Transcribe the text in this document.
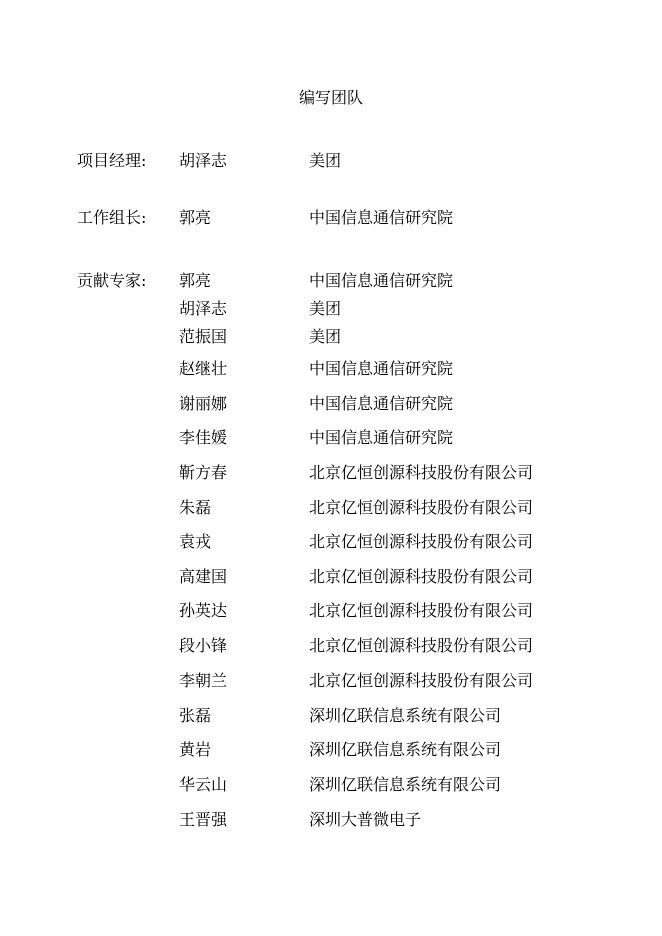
编写团队
项目经理: 胡泽志	美团
工作组长: 郭亮	中国信息通信研究院
贡献专家: 郭亮	中国信息通信研究院
胡泽志	美团
范振国	美团
赵继壮	中国信息通信研究院
谢丽娜	中国信息通信研究院
李佳媛	中国信息通信研究院
靳方春	北京亿恒创源科技股份有限公司
朱磊	北京亿恒创源科技股份有限公司
袁戎	北京亿恒创源科技股份有限公司
高建国	北京亿恒创源科技股份有限公司
孙英达	北京亿恒创源科技股份有限公司
段小锋	北京亿恒创源科技股份有限公司
李朝兰	北京亿恒创源科技股份有限公司
张磊	深圳亿联信息系统有限公司
黄岩	深圳亿联信息系统有限公司
华云山	深圳亿联信息系统有限公司
王晋强	深圳大普微电子
